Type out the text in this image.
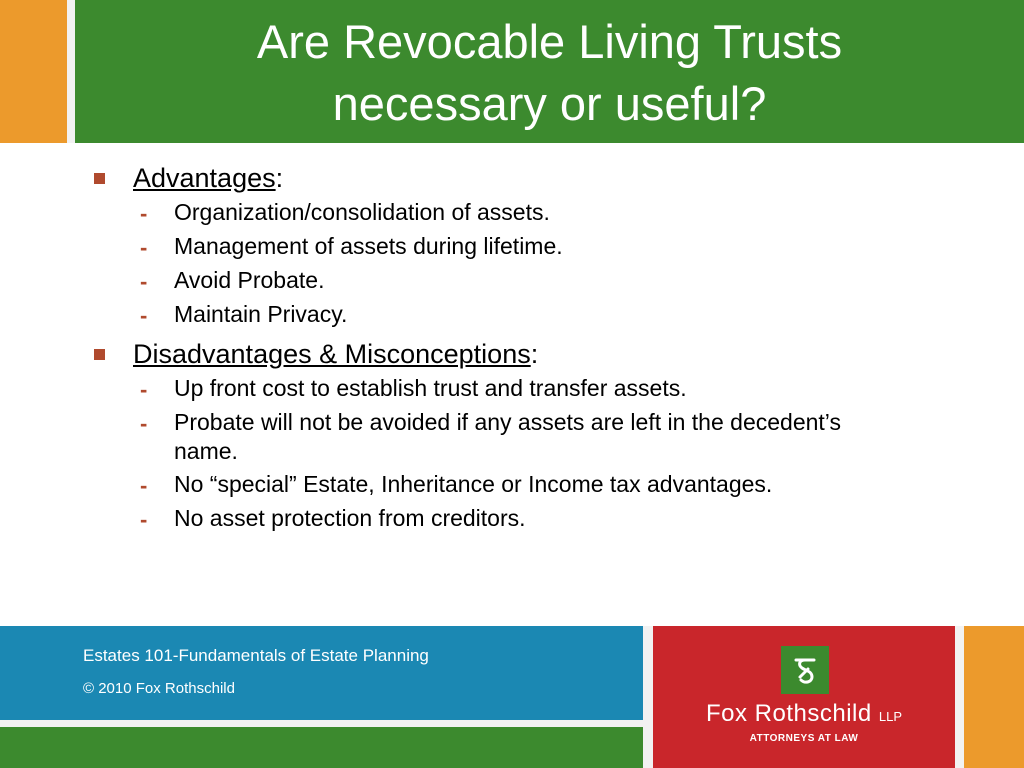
Are Revocable Living Trusts necessary or useful?
Advantages:
-	Organization/consolidation of assets.
-	Management of assets during lifetime.
-	Avoid Probate.
-	Maintain Privacy.
Disadvantages & Misconceptions:
-	Up front cost to establish trust and transfer assets.
-	Probate will not be avoided if any assets are left in the decedent’s name.
-	No “special” Estate, Inheritance or Income tax advantages.
-	No asset protection from creditors.
Estates 101-Fundamentals of Estate Planning
© 2010 Fox Rothschild
Fox Rothschild LLP
ATTORNEYS AT LAW
